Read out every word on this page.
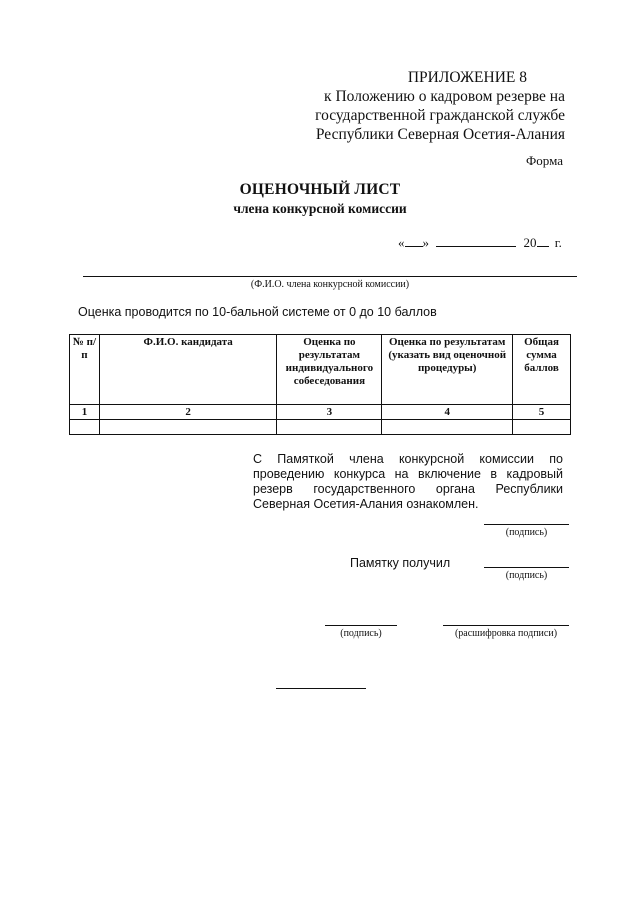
ПРИЛОЖЕНИЕ 8
к Положению о кадровом резерве на
государственной гражданской службе
Республики Северная Осетия-Алания
Форма
ОЦЕНОЧНЫЙ ЛИСТ
члена конкурсной комиссии
« »	20 г.
(Ф.И.О. члена конкурсной комиссии)
Оценка проводится по 10-бальной системе от 0 до 10 баллов
№ п/п	Ф.И.О. кандидата	Оценка по результатам индивидуального собеседования	Оценка по результатам (указать вид оценочной процедуры)	Общая сумма баллов
1	2	3	4	5

С Памяткой члена конкурсной комиссии по проведению конкурса на включение в кадровый резерв государственного органа Республики Северная Осетия-Алания ознакомлен.
(подпись)
Памятку получил
(подпись)
(подпись)	(расшифровка подписи)
